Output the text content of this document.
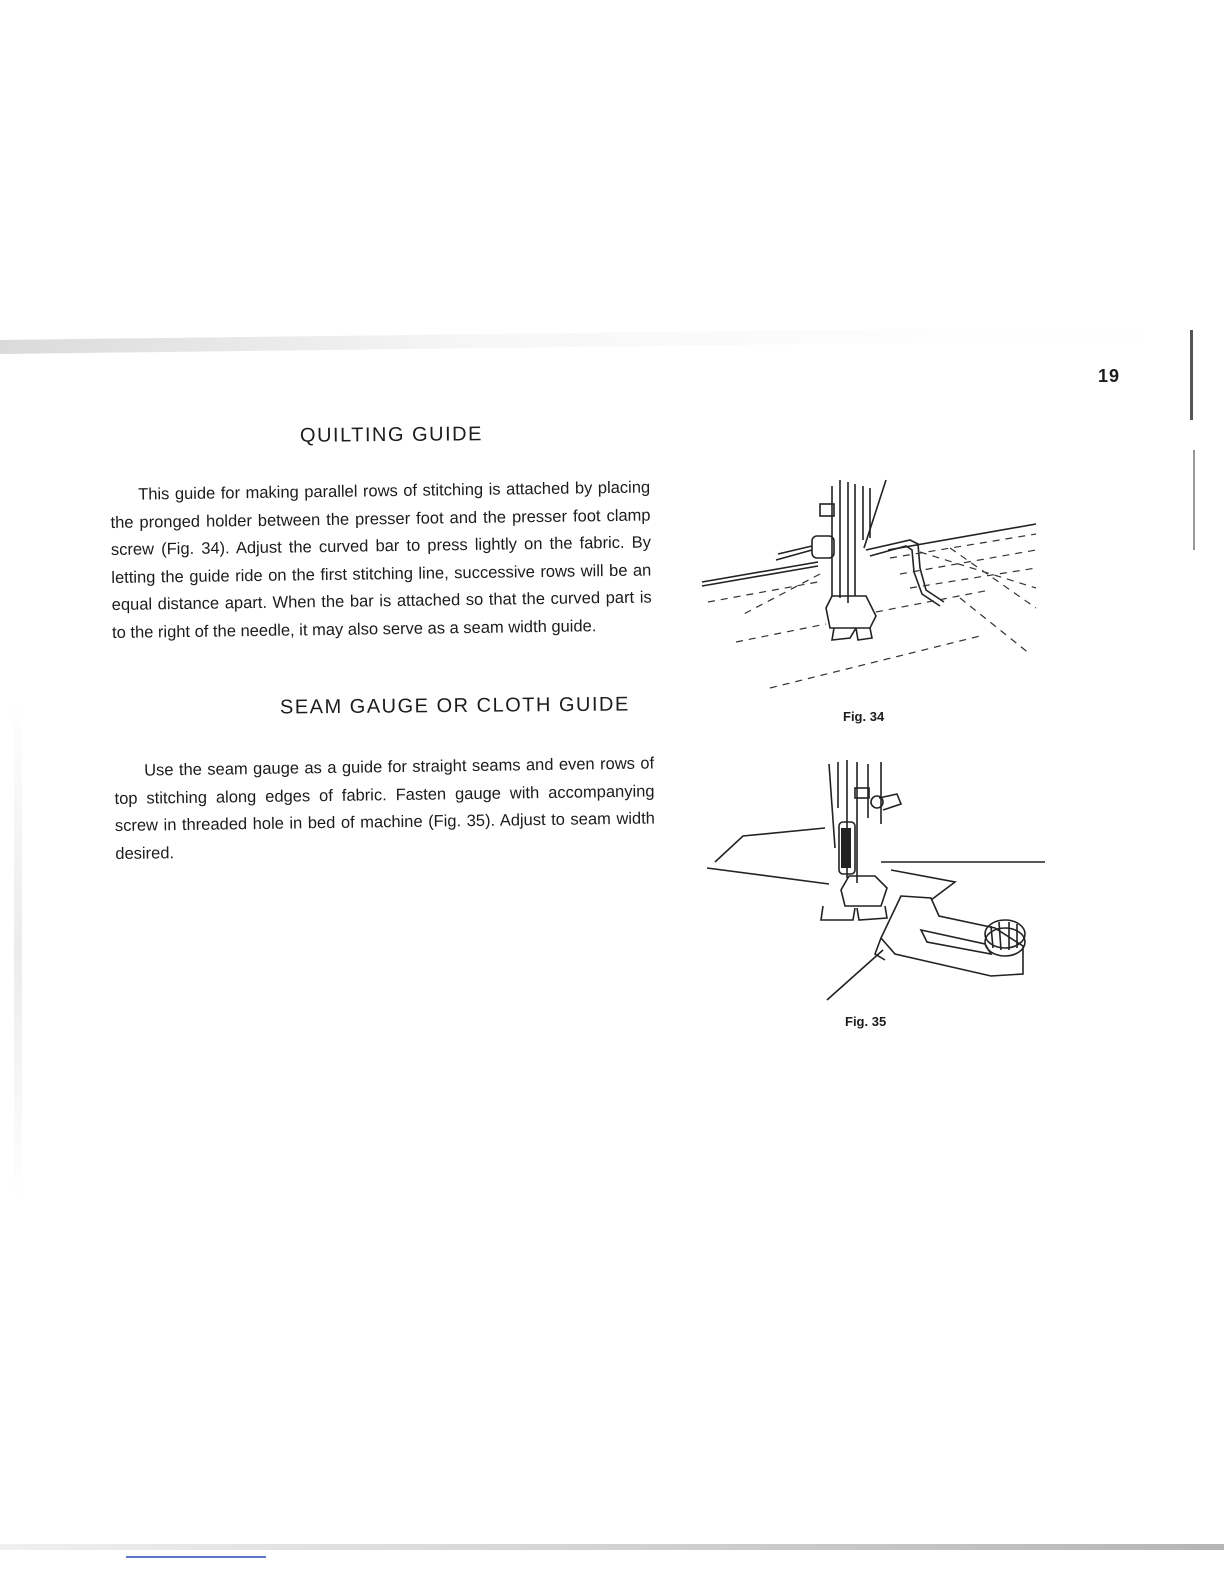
19
QUILTING GUIDE

This guide for making parallel rows of stitching is attached by placing the pronged holder between the presser foot and the presser foot clamp screw (Fig. 34). Adjust the curved bar to press lightly on the fabric. By letting the guide ride on the first stitching line, successive rows will be an equal distance apart. When the bar is attached so that the curved part is to the right of the needle, it may also serve as a seam width guide.

SEAM GAUGE OR CLOTH GUIDE

Use the seam gauge as a guide for straight seams and even rows of top stitching along edges of fabric. Fasten gauge with accompanying screw in threaded hole in bed of machine (Fig. 35). Adjust to seam width desired.

Fig. 34
Fig. 35
